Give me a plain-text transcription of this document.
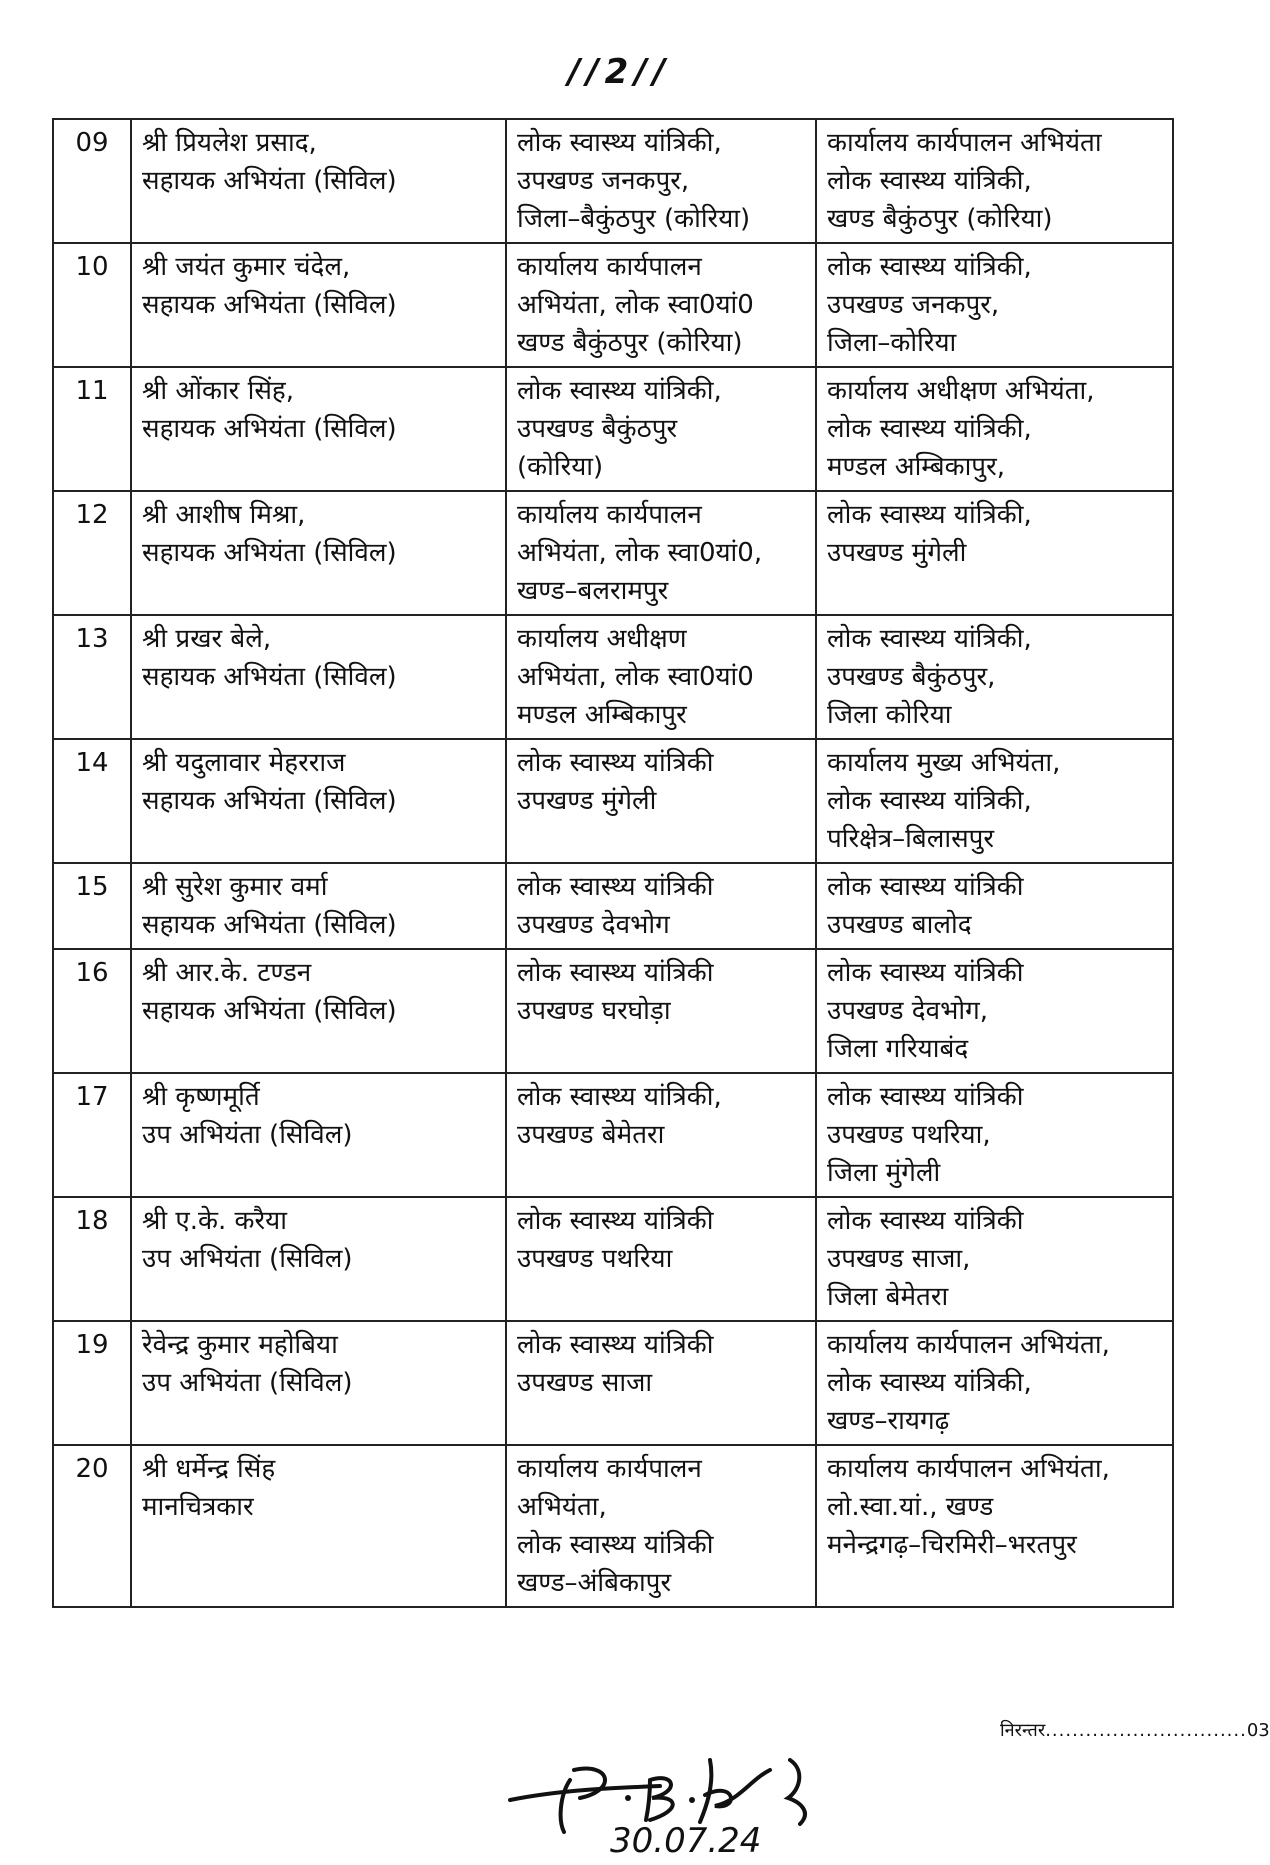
//2//
09	श्री प्रियलेश प्रसाद,
सहायक अभियंता (सिविल)	लोक स्वास्थ्य यांत्रिकी,
उपखण्ड जनकपुर,
जिला–बैकुंठपुर (कोरिया)	कार्यालय कार्यपालन अभियंता
लोक स्वास्थ्य यांत्रिकी,
खण्ड बैकुंठपुर (कोरिया)

10	श्री जयंत कुमार चंदेल,
सहायक अभियंता (सिविल)	कार्यालय कार्यपालन
अभियंता, लोक स्वा0यां0
खण्ड बैकुंठपुर (कोरिया)	लोक स्वास्थ्य यांत्रिकी,
उपखण्ड जनकपुर,
जिला–कोरिया

11	श्री ओंकार सिंह,
सहायक अभियंता (सिविल)	लोक स्वास्थ्य यांत्रिकी,
उपखण्ड बैकुंठपुर
(कोरिया)	कार्यालय अधीक्षण अभियंता,
लोक स्वास्थ्य यांत्रिकी,
मण्डल अम्बिकापुर,

12	श्री आशीष मिश्रा,
सहायक अभियंता (सिविल)	कार्यालय कार्यपालन
अभियंता, लोक स्वा0यां0,
खण्ड–बलरामपुर	लोक स्वास्थ्य यांत्रिकी,
उपखण्ड मुंगेली

13	श्री प्रखर बेले,
सहायक अभियंता (सिविल)	कार्यालय अधीक्षण
अभियंता, लोक स्वा0यां0
मण्डल अम्बिकापुर	लोक स्वास्थ्य यांत्रिकी,
उपखण्ड बैकुंठपुर,
जिला कोरिया

14	श्री यदुलावार मेहरराज
सहायक अभियंता (सिविल)	लोक स्वास्थ्य यांत्रिकी
उपखण्ड मुंगेली	कार्यालय मुख्य अभियंता,
लोक स्वास्थ्य यांत्रिकी,
परिक्षेत्र–बिलासपुर

15	श्री सुरेश कुमार वर्मा
सहायक अभियंता (सिविल)	लोक स्वास्थ्य यांत्रिकी
उपखण्ड देवभोग	लोक स्वास्थ्य यांत्रिकी
उपखण्ड बालोद

16	श्री आर.के. टण्डन
सहायक अभियंता (सिविल)	लोक स्वास्थ्य यांत्रिकी
उपखण्ड घरघोड़ा	लोक स्वास्थ्य यांत्रिकी
उपखण्ड देवभोग,
जिला गरियाबंद

17	श्री कृष्णमूर्ति
उप अभियंता (सिविल)	लोक स्वास्थ्य यांत्रिकी,
उपखण्ड बेमेतरा	लोक स्वास्थ्य यांत्रिकी
उपखण्ड पथरिया,
जिला मुंगेली

18	श्री ए.के. करैया
उप अभियंता (सिविल)	लोक स्वास्थ्य यांत्रिकी
उपखण्ड पथरिया	लोक स्वास्थ्य यांत्रिकी
उपखण्ड साजा,
जिला बेमेतरा

19	रेवेन्द्र कुमार महोबिया
उप अभियंता (सिविल)	लोक स्वास्थ्य यांत्रिकी
उपखण्ड साजा	कार्यालय कार्यपालन अभियंता,
लोक स्वास्थ्य यांत्रिकी,
खण्ड–रायगढ़

20	श्री धर्मेन्द्र सिंह
मानचित्रकार	कार्यालय कार्यपालन
अभियंता,
लोक स्वास्थ्य यांत्रिकी
खण्ड–अंबिकापुर	कार्यालय कार्यपालन अभियंता,
लो.स्वा.यां., खण्ड
मनेन्द्रगढ़–चिरमिरी–भरतपुर
निरन्तर..............................03
30.07.24
